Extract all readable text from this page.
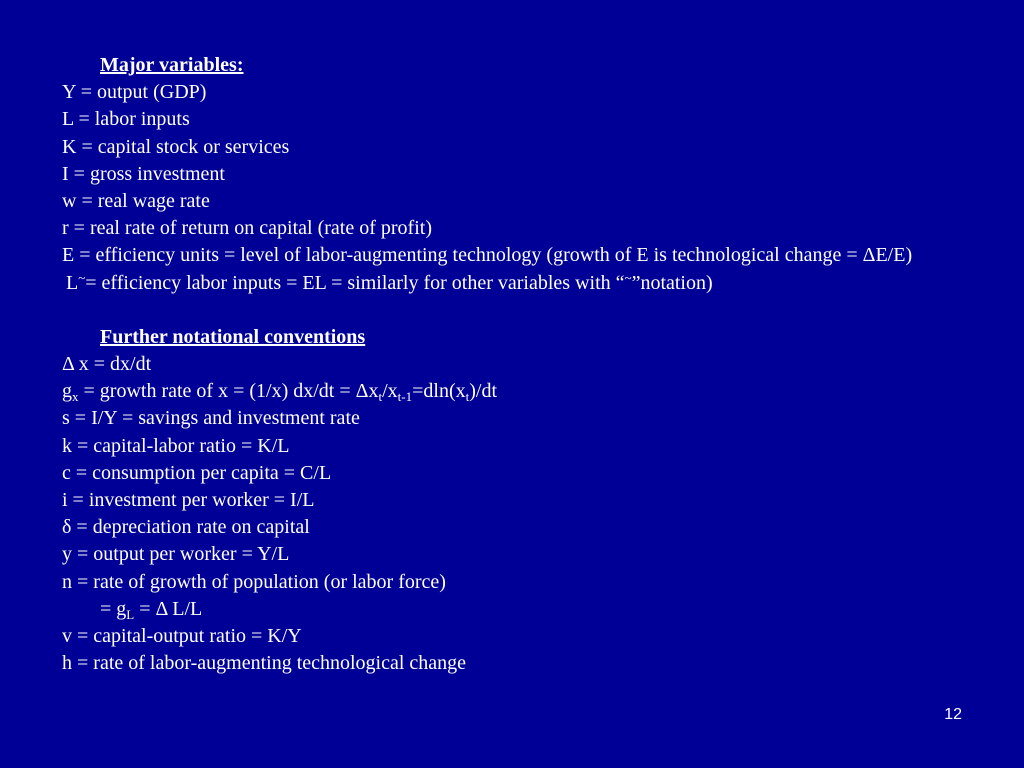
Major variables:
Y = output (GDP)
L = labor inputs
K = capital stock or services
I = gross investment
w = real wage rate
r = real rate of return on capital (rate of profit)
E = efficiency units = level of labor-augmenting technology (growth of E is technological change = ΔE/E)
L~= efficiency labor inputs = EL = similarly for other variables with “~”notation)
Further notational conventions
Δ x = dx/dt
$g_x$ = growth rate of x = (1/x) $dx/dt = \Delta x_t/x_{t-1}=dln(x_t)/dt$
s = I/Y = savings and investment rate
k = capital-labor ratio = K/L
c = consumption per capita = C/L
i = investment per worker = I/L
δ = depreciation rate on capital
y = output per worker = Y/L
n = rate of growth of population (or labor force)
= $g_L = \Delta$ L/L
v = capital-output ratio = K/Y
h = rate of labor-augmenting technological change
12
